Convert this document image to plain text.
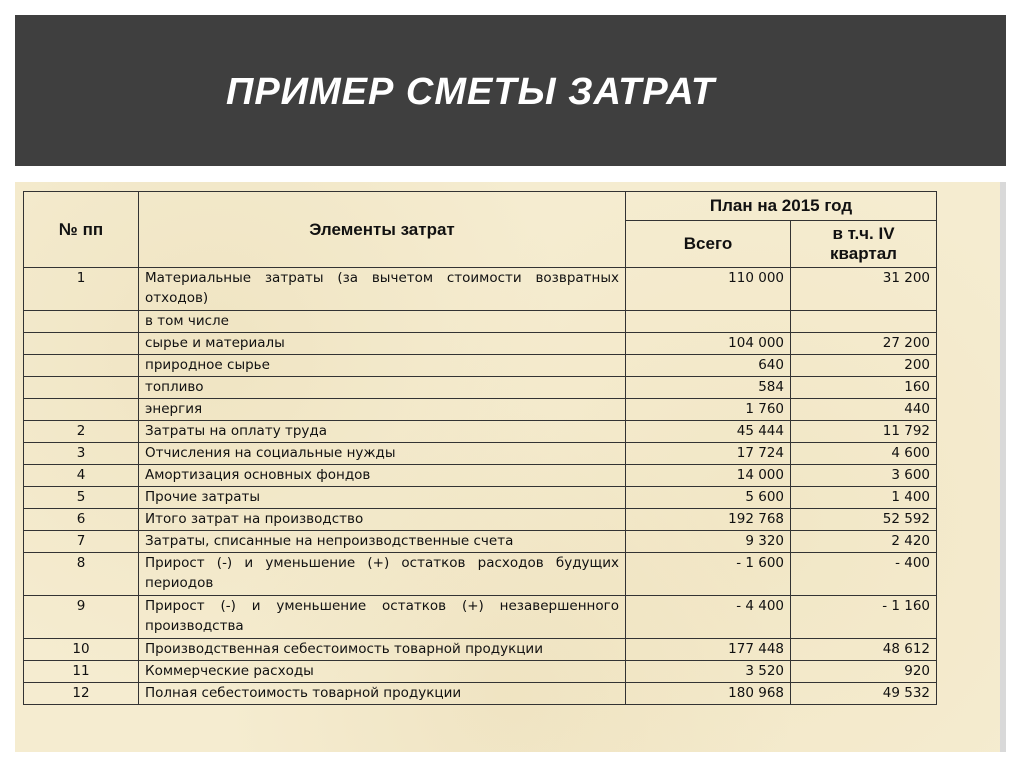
ПРИМЕР СМЕТЫ ЗАТРАТ
№ пп	Элементы затрат	План на 2015 год	
		Всего	в т.ч. IV квартал
1	Материальные затраты (за вычетом стоимости возвратных отходов)	110 000	31 200
	в том числе		
	сырье и материалы	104 000	27 200
	природное сырье	640	200
	топливо	584	160
	энергия	1 760	440
2	Затраты на оплату труда	45 444	11 792
3	Отчисления на социальные нужды	17 724	4 600
4	Амортизация основных фондов	14 000	3 600
5	Прочие затраты	5 600	1 400
6	Итого затрат на производство	192 768	52 592
7	Затраты, списанные на непроизводственные счета	9 320	2 420
8	Прирост (-) и уменьшение (+) остатков расходов будущих периодов	- 1 600	- 400
9	Прирост (-) и уменьшение остатков (+) незавершенного производства	- 4 400	- 1 160
10	Производственная себестоимость товарной продукции	177 448	48 612
11	Коммерческие расходы	3 520	920
12	Полная себестоимость товарной продукции	180 968	49 532
